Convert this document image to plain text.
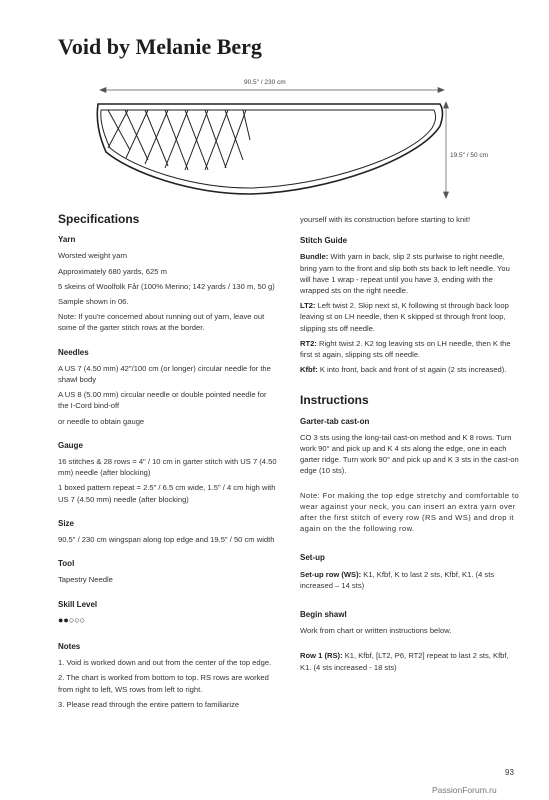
Void by Melanie Berg
90.5" / 230 cm
19.5" / 50 cm
Specifications
Yarn

Worsted weight yarn

Approximately 680 yards, 625 m

5 skeins of Woolfolk Får (100% Merino; 142 yards / 130 m, 50 g)

Sample shown in 06.

Note: If you're concerned about running out of yarn, leave out some of the garter stitch rows at the border.

Needles

A US 7 (4.50 mm) 42"/100 cm (or longer) circular needle for the shawl body

A US 8 (5.00 mm) circular needle or double pointed needle for the I-Cord bind-off

or needle to obtain gauge

Gauge

16 stitches & 28 rows = 4" / 10 cm in garter stitch with US 7 (4.50 mm) needle (after blocking)

1 boxed pattern repeat = 2.5" / 6.5 cm wide, 1.5" / 4 cm high with US 7 (4.50 mm) needle (after blocking)

Size

90.5" / 230 cm wingspan along top edge and 19.5" / 50 cm width

Tool

Tapestry Needle

Skill Level
●●○○○
Notes

1. Void is worked down and out from the center of the top edge.

2. The chart is worked from bottom to top. RS rows are worked from right to left, WS rows from left to right.

3. Please read through the entire pattern to familiarize

yourself with its construction before starting to knit!

Stitch Guide

Bundle: With yarn in back, slip 2 sts purlwise to right needle, bring yarn to the front and slip both sts back to left needle. You will have 1 wrap - repeat until you have 3, ending with the wrapped sts on the right needle.

LT2: Left twist 2. Skip next st, K following st through back loop leaving st on LH needle, then K skipped st through front loop, slipping sts off needle.

RT2: Right twist 2. K2 tog leaving sts on LH needle, then K the first st again, slipping sts off needle.

Kfbf: K into front, back and front of st again (2 sts increased).

Instructions
Garter-tab cast-on

CO 3 sts using the long-tail cast-on method and K 8 rows. Turn work 90° and pick up and K 4 sts along the edge, one in each garter ridge. Turn work 90° and pick up and K 3 sts in the cast-on edge (10 sts).

Note: For making the top edge stretchy and comfortable to wear against your neck, you can insert an extra yarn over after the first stitch of every row (RS and WS) and drop it again on the the following row.

Set-up

Set-up row (WS): K1, Kfbf, K to last 2 sts, Kfbf, K1. (4 sts increased – 14 sts)

Begin shawl

Work from chart or written instructions below.

Row 1 (RS): K1, Kfbf, [LT2, P6, RT2] repeat to last 2 sts, Kfbf, K1. (4 sts increased - 18 sts)

93
PassionForum.ru
